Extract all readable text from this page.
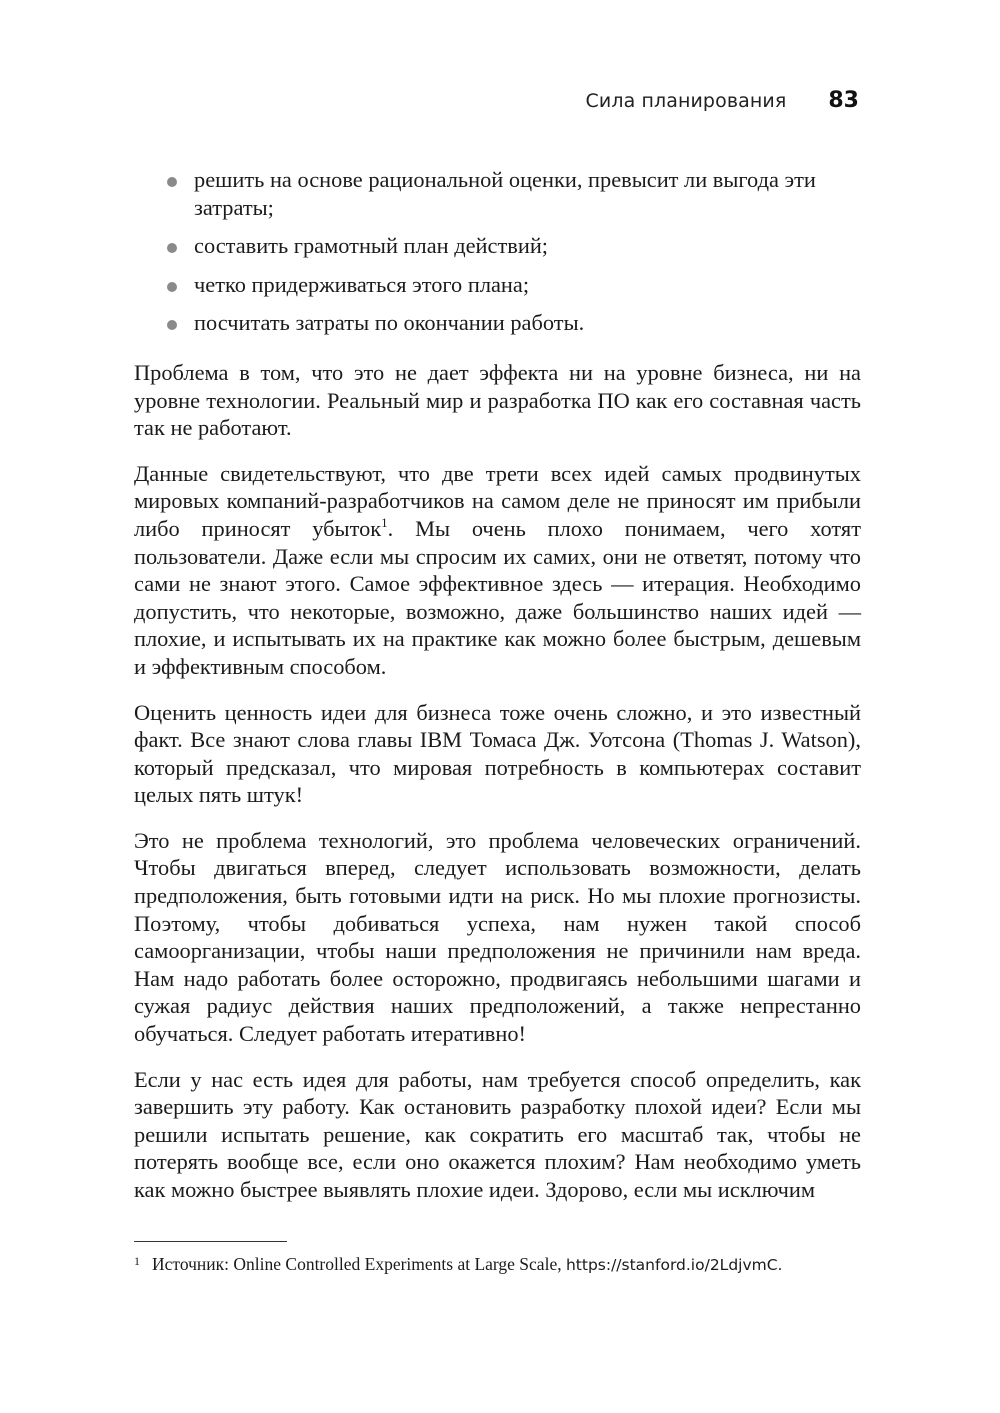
Сила планирования 83
решить на основе рациональной оценки, превысит ли выгода эти затраты;
составить грамотный план действий;
четко придерживаться этого плана;
посчитать затраты по окончании работы.

Проблема в том, что это не дает эффекта ни на уровне бизнеса, ни на уровне технологии. Реальный мир и разработка ПО как его составная часть так не работают.

Данные свидетельствуют, что две трети всех идей самых продвинутых мировых компаний-разработчиков на самом деле не приносят им прибыли либо приносят убыток$^1$. Мы очень плохо понимаем, чего хотят пользователи. Даже если мы спросим их самих, они не ответят, потому что сами не знают этого. Самое эффективное здесь — итерация. Необходимо допустить, что некоторые, возможно, даже большинство наших идей — плохие, и испытывать их на практике как можно более быстрым, дешевым и эффективным способом.

Оценить ценность идеи для бизнеса тоже очень сложно, и это известный факт. Все знают слова главы IBM Томаса Дж. Уотсона (Thomas J. Watson), который предсказал, что мировая потребность в компьютерах составит целых пять штук!

Это не проблема технологий, это проблема человеческих ограничений. Чтобы двигаться вперед, следует использовать возможности, делать предположения, быть готовыми идти на риск. Но мы плохие прогнозисты. Поэтому, чтобы добиваться успеха, нам нужен такой способ самоорганизации, чтобы наши предположения не причинили нам вреда. Нам надо работать более осторожно, продвигаясь небольшими шагами и сужая радиус действия наших предположений, а также непрестанно обучаться. Следует работать итеративно!

Если у нас есть идея для работы, нам требуется способ определить, как завершить эту работу. Как остановить разработку плохой идеи? Если мы решили испытать решение, как сократить его масштаб так, чтобы не потерять вообще все, если оно окажется плохим? Нам необходимо уметь как можно быстрее выявлять плохие идеи. Здорово, если мы исключим

$^1$ Источник: Online Controlled Experiments at Large Scale, https://stanford.io/2LdjvmC.
